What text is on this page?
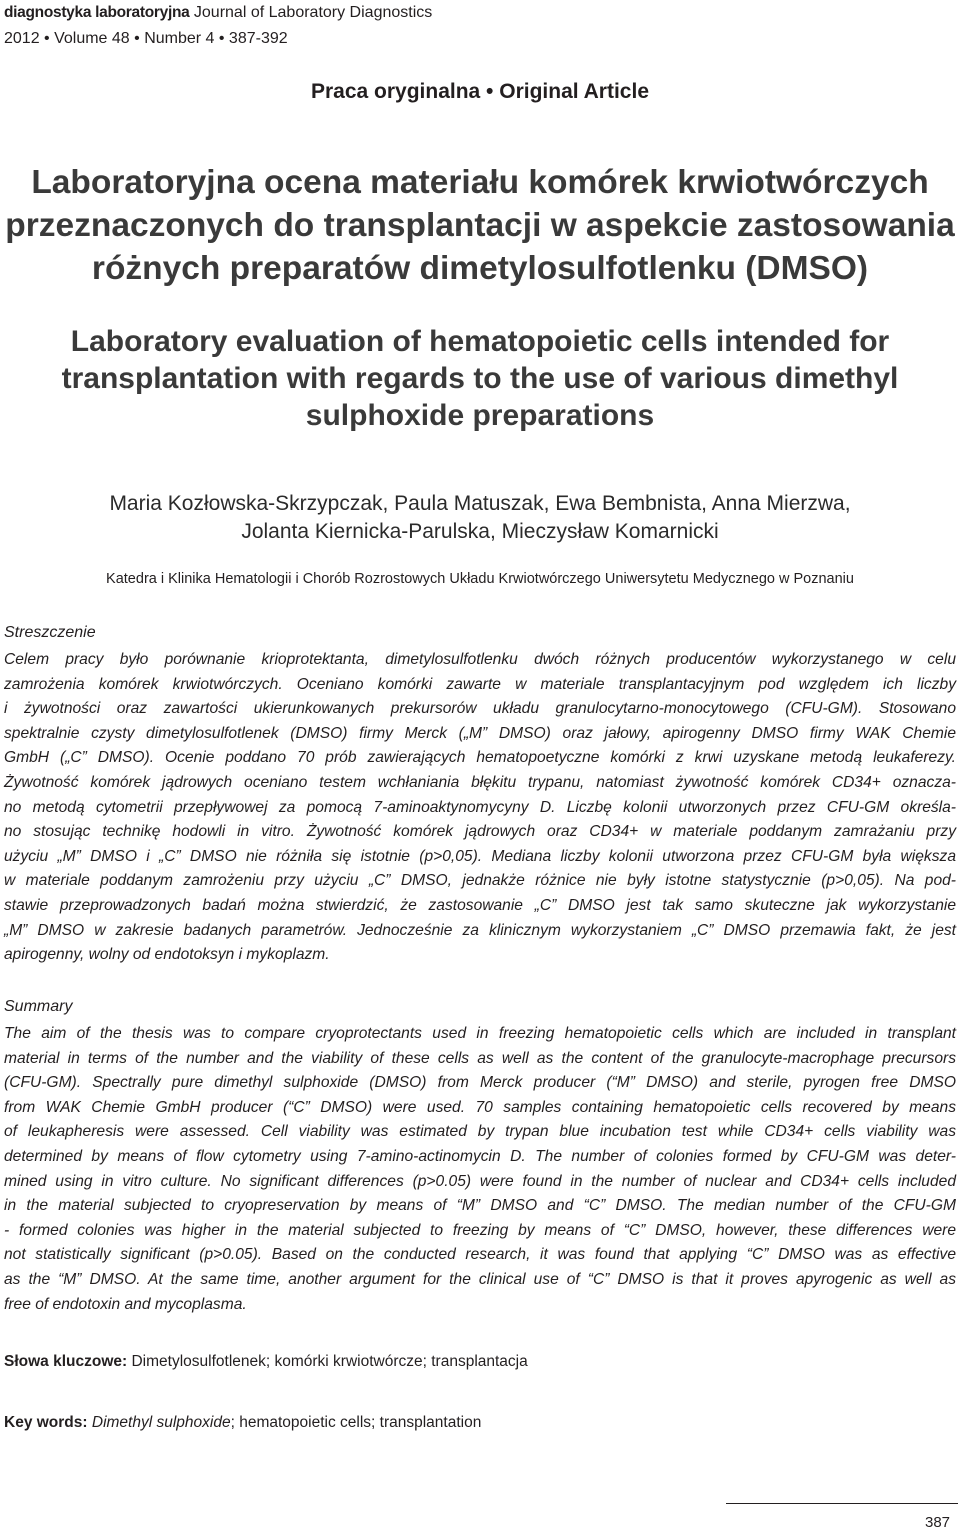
diagnostyka laboratoryjna Journal of Laboratory Diagnostics
2012 • Volume 48 • Number 4 • 387-392
Praca oryginalna • Original Article
Laboratoryjna ocena materiału komórek krwiotwórczych
przeznaczonych do transplantacji w aspekcie zastosowania
różnych preparatów dimetylosulfotlenku (DMSO)
Laboratory evaluation of hematopoietic cells intended for
transplantation with regards to the use of various dimethyl
sulphoxide preparations
Maria Kozłowska-Skrzypczak, Paula Matuszak, Ewa Bembnista, Anna Mierzwa,
Jolanta Kiernicka-Parulska, Mieczysław Komarnicki
Katedra i Klinika Hematologii i Chorób Rozrostowych Układu Krwiotwórczego Uniwersytetu Medycznego w Poznaniu
Streszczenie
Celem pracy było porównanie krioprotektanta, dimetylosulfotlenku dwóch różnych producentów wykorzystanego w celu
zamrożenia komórek krwiotwórczych. Oceniano komórki zawarte w materiale transplantacyjnym pod względem ich liczby
i żywotności oraz zawartości ukierunkowanych prekursorów układu granulocytarno-monocytowego (CFU-GM). Stosowano
spektralnie czysty dimetylosulfotlenek (DMSO) firmy Merck („M” DMSO) oraz jałowy, apirogenny DMSO firmy WAK Chemie
GmbH („C” DMSO). Ocenie poddano 70 prób zawierających hematopoetyczne komórki z krwi uzyskane metodą leukaferezy.
Żywotność komórek jądrowych oceniano testem wchłaniania błękitu trypanu, natomiast żywotność komórek CD34+ oznacza-
no metodą cytometrii przepływowej za pomocą 7-aminoaktynomycyny D. Liczbę kolonii utworzonych przez CFU-GM określa-
no stosując technikę hodowli in vitro. Żywotność komórek jądrowych oraz CD34+ w materiale poddanym zamrażaniu przy
użyciu „M” DMSO i „C” DMSO nie różniła się istotnie (p>0,05). Mediana liczby kolonii utworzona przez CFU-GM była większa
w materiale poddanym zamrożeniu przy użyciu „C” DMSO, jednakże różnice nie były istotne statystycznie (p>0,05). Na pod-
stawie przeprowadzonych badań można stwierdzić, że zastosowanie „C” DMSO jest tak samo skuteczne jak wykorzystanie
„M” DMSO w zakresie badanych parametrów. Jednocześnie za klinicznym wykorzystaniem „C” DMSO przemawia fakt, że jest
apirogenny, wolny od endotoksyn i mykoplazm.
Summary
The aim of the thesis was to compare cryoprotectants used in freezing hematopoietic cells which are included in transplant
material in terms of the number and the viability of these cells as well as the content of the granulocyte-macrophage precursors
(CFU-GM). Spectrally pure dimethyl sulphoxide (DMSO) from Merck producer (“M” DMSO) and sterile, pyrogen free DMSO
from WAK Chemie GmbH producer (“C” DMSO) were used. 70 samples containing hematopoietic cells recovered by means
of leukapheresis were assessed. Cell viability was estimated by trypan blue incubation test while CD34+ cells viability was
determined by means of flow cytometry using 7-amino-actinomycin D. The number of colonies formed by CFU-GM was deter-
mined using in vitro culture. No significant differences (p>0.05) were found in the number of nuclear and CD34+ cells included
in the material subjected to cryopreservation by means of “M” DMSO and “C” DMSO. The median number of the CFU-GM
- formed colonies was higher in the material subjected to freezing by means of “C” DMSO, however, these differences were
not statistically significant (p>0.05). Based on the conducted research, it was found that applying “C” DMSO was as effective
as the “M” DMSO. At the same time, another argument for the clinical use of “C” DMSO is that it proves apyrogenic as well as
free of endotoxin and mycoplasma.
Słowa kluczowe: Dimetylosulfotlenek; komórki krwiotwórcze; transplantacja
Key words: Dimethyl sulphoxide; hematopoietic cells; transplantation
387
